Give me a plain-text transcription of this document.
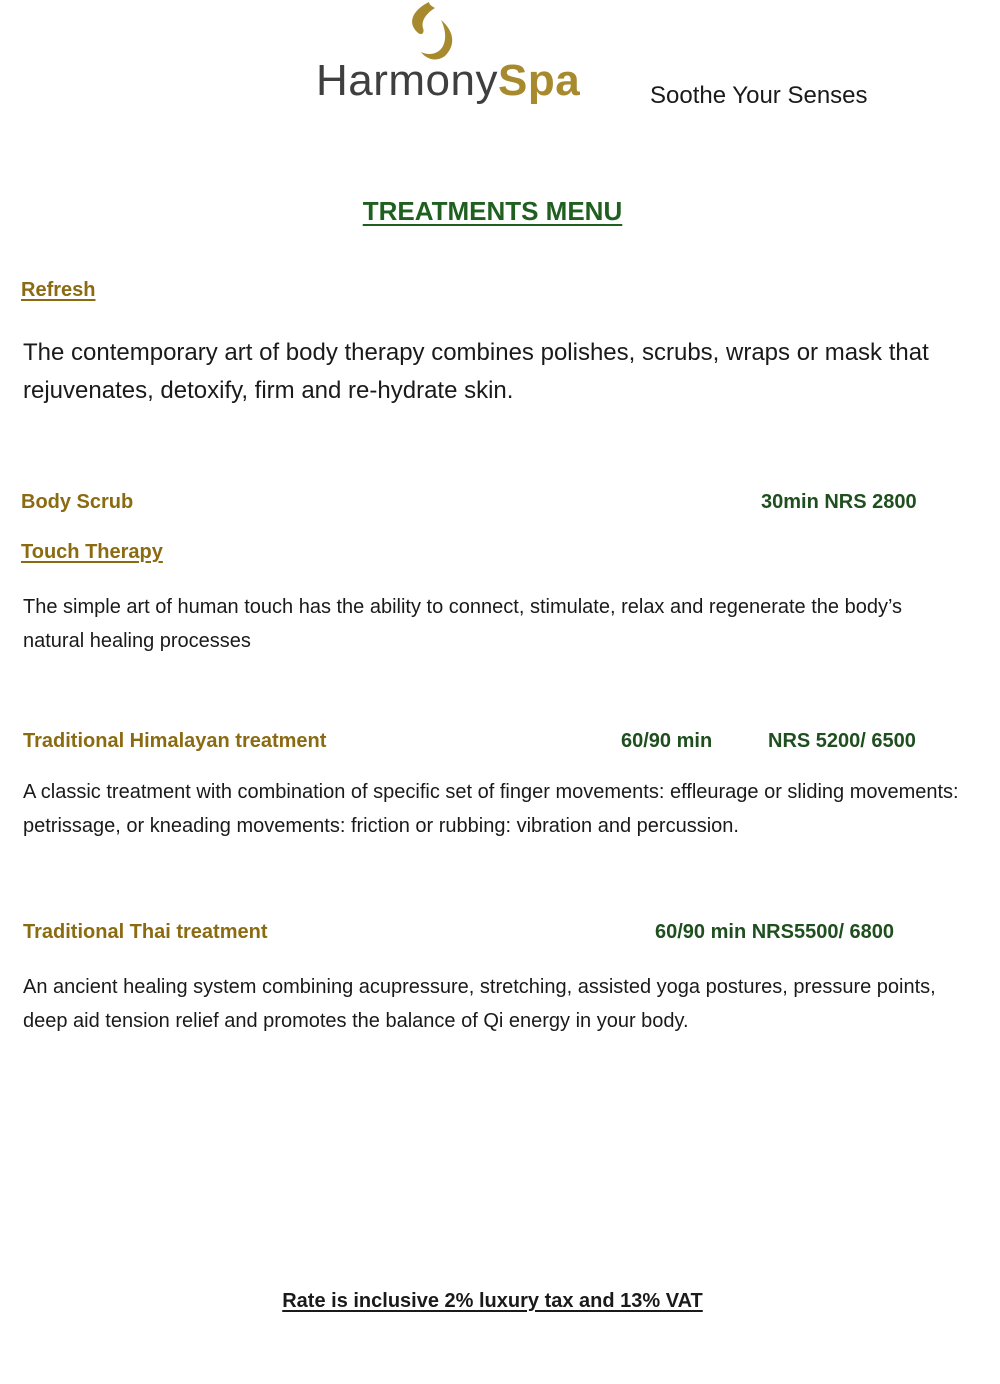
HarmonySpa	Soothe Your Senses
TREATMENTS MENU
Refresh
The contemporary art of body therapy combines polishes, scrubs, wraps or mask that rejuvenates, detoxify, firm and re-hydrate skin.
Body Scrub	30min NRS 2800
Touch Therapy
The simple art of human touch has the ability to connect, stimulate, relax and regenerate the body’s natural healing processes
Traditional Himalayan treatment	60/90 min	NRS 5200/ 6500
A classic treatment with combination of specific set of finger movements: effleurage or sliding movements: petrissage, or kneading movements: friction or rubbing: vibration and percussion.
Traditional Thai treatment	60/90 min NRS5500/ 6800
An ancient healing system combining acupressure, stretching, assisted yoga postures, pressure points, deep aid tension relief and promotes the balance of Qi energy in your body.
Rate is inclusive 2% luxury tax and 13% VAT
